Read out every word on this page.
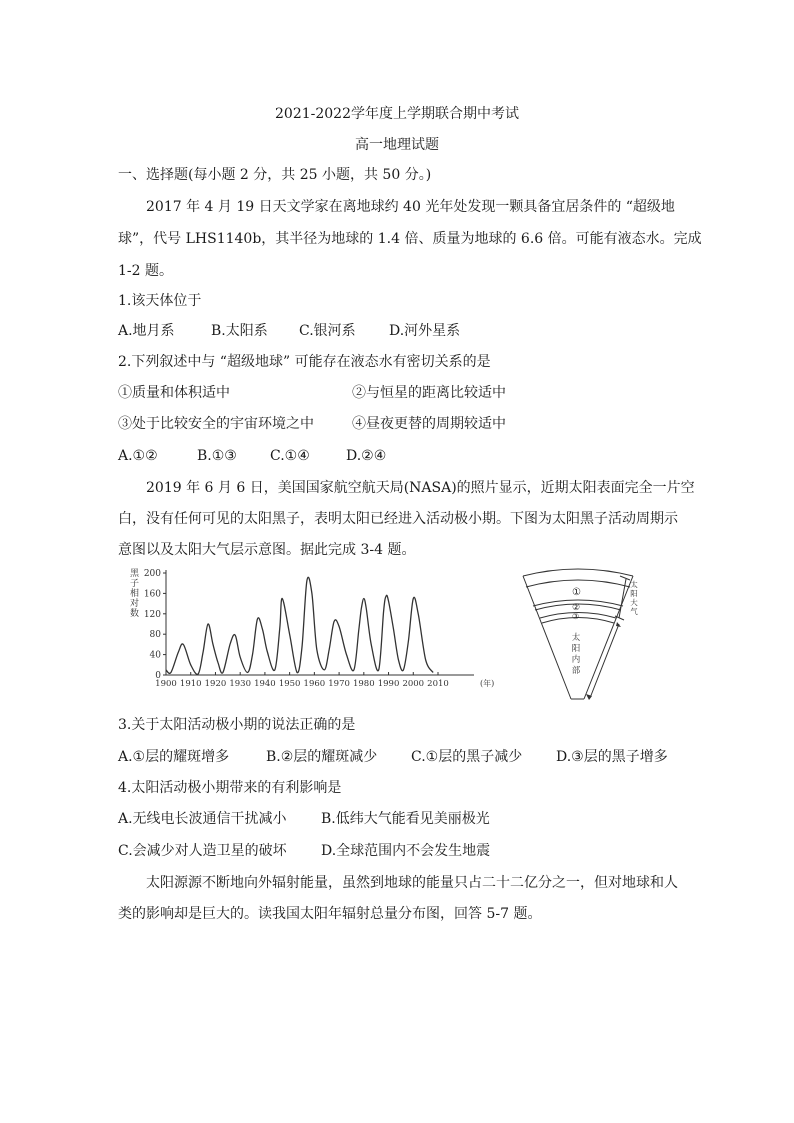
2021-2022学年度上学期联合期中考试
高一地理试题
一、选择题(每小题 2 分，共 25 小题，共 50 分。)
2017 年 4 月 19 日天文学家在离地球约 40 光年处发现一颗具备宜居条件的 “超级地
球”，代号 LHS1140b，其半径为地球的 1.4 倍、质量为地球的 6.6 倍。可能有液态水。完成
1-2 题。
1.该天体位于
A.地月系	B.太阳系 C.银河系 D.河外星系
2.下列叙述中与 “超级地球” 可能存在液态水有密切关系的是
①质量和体积适中	②与恒星的距离比较适中
③处于比较安全的宇宙环境之中	④昼夜更替的周期较适中
A.①②	B.①③ C.①④	D.②④
2019 年 6 月 6 日，美国国家航空航天局(NASA)的照片显示，近期太阳表面完全一片空
白，没有任何可见的太阳黑子，表明太阳已经进入活动极小期。下图为太阳黑子活动周期示
意图以及太阳大气层示意图。据此完成 3-4 题。
黑
子
相
对
数
0
40
80
120
160
200
1900 1910 1920 1930 1940 1950 1960 1970 1980 1990 2000 2010	(年)
①
②
③
太
阳
内
部
太
阳
大
气
3.关于太阳活动极小期的说法正确的是
A.①层的耀斑增多	B.②层的耀斑减少 C.①层的黑子减少 D.③层的黑子增多
4.太阳活动极小期带来的有利影响是
A.无线电长波通信干扰减小 B.低纬大气能看见美丽极光
C.会减少对人造卫星的破坏 D.全球范围内不会发生地震
太阳源源不断地向外辐射能量，虽然到地球的能量只占二十二亿分之一，但对地球和人
类的影响却是巨大的。读我国太阳年辐射总量分布图，回答 5-7 题。
